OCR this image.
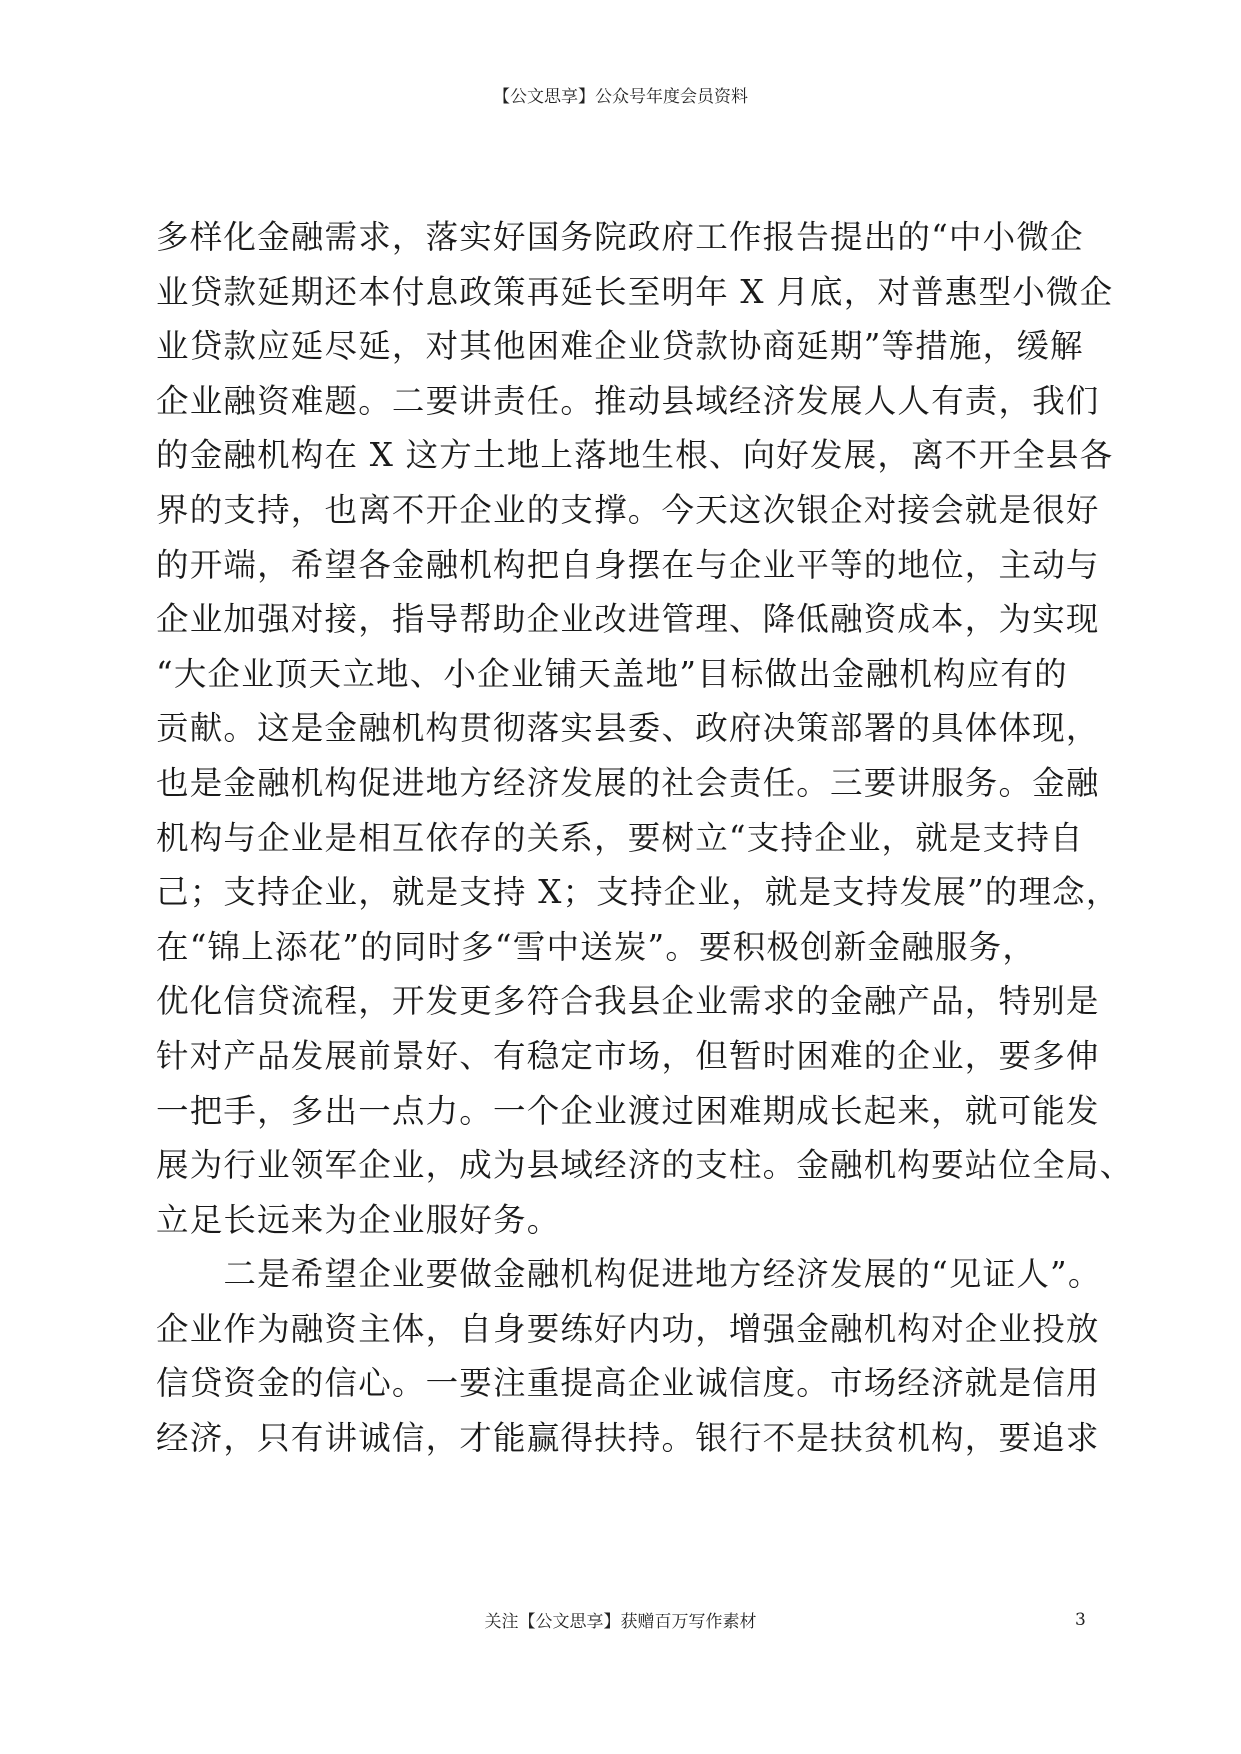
【公文思享】公众号年度会员资料
多样化金融需求，落实好国务院政府工作报告提出的“中小微企
业贷款延期还本付息政策再延长至明年 X 月底，对普惠型小微企
业贷款应延尽延，对其他困难企业贷款协商延期”等措施，缓解
企业融资难题。二要讲责任。推动县域经济发展人人有责，我们
的金融机构在 X 这方土地上落地生根、向好发展，离不开全县各
界的支持，也离不开企业的支撑。今天这次银企对接会就是很好
的开端，希望各金融机构把自身摆在与企业平等的地位，主动与
企业加强对接，指导帮助企业改进管理、降低融资成本，为实现
“大企业顶天立地、小企业铺天盖地”目标做出金融机构应有的
贡献。这是金融机构贯彻落实县委、政府决策部署的具体体现，
也是金融机构促进地方经济发展的社会责任。三要讲服务。金融
机构与企业是相互依存的关系，要树立“支持企业，就是支持自
己；支持企业，就是支持 X；支持企业，就是支持发展”的理念，
在“锦上添花”的同时多“雪中送炭”。要积极创新金融服务，
优化信贷流程，开发更多符合我县企业需求的金融产品，特别是
针对产品发展前景好、有稳定市场，但暂时困难的企业，要多伸
一把手，多出一点力。一个企业渡过困难期成长起来，就可能发
展为行业领军企业，成为县域经济的支柱。金融机构要站位全局、
立足长远来为企业服好务。
　　二是希望企业要做金融机构促进地方经济发展的“见证人”。
企业作为融资主体，自身要练好内功，增强金融机构对企业投放
信贷资金的信心。一要注重提高企业诚信度。市场经济就是信用
经济，只有讲诚信，才能赢得扶持。银行不是扶贫机构，要追求
关注【公文思享】获赠百万写作素材	3
